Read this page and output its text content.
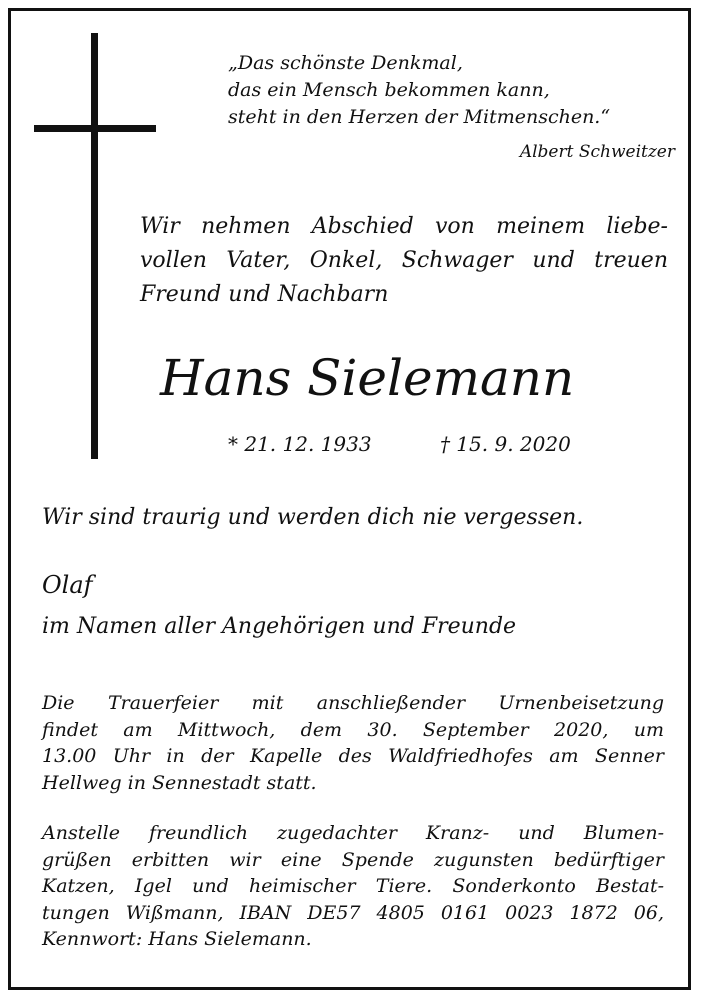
„Das schönste Denkmal,
das ein Mensch bekommen kann,
steht in den Herzen der Mitmenschen.“
Albert Schweitzer
Wir nehmen Abschied von meinem liebe-
vollen Vater, Onkel, Schwager und treuen
Freund und Nachbarn
Hans Sielemann
* 21. 12. 1933	† 15. 9. 2020
Wir sind traurig und werden dich nie vergessen.
Olaf
im Namen aller Angehörigen und Freunde
Die Trauerfeier mit anschließender Urnenbeisetzung
findet am Mittwoch, dem 30. September 2020, um
13.00 Uhr in der Kapelle des Waldfriedhofes am Senner
Hellweg in Sennestadt statt.
Anstelle freundlich zugedachter Kranz- und Blumen-
grüßen erbitten wir eine Spende zugunsten bedürftiger
Katzen, Igel und heimischer Tiere. Sonderkonto Bestat-
tungen Wißmann, IBAN DE57 4805 0161 0023 1872 06,
Kennwort: Hans Sielemann.
